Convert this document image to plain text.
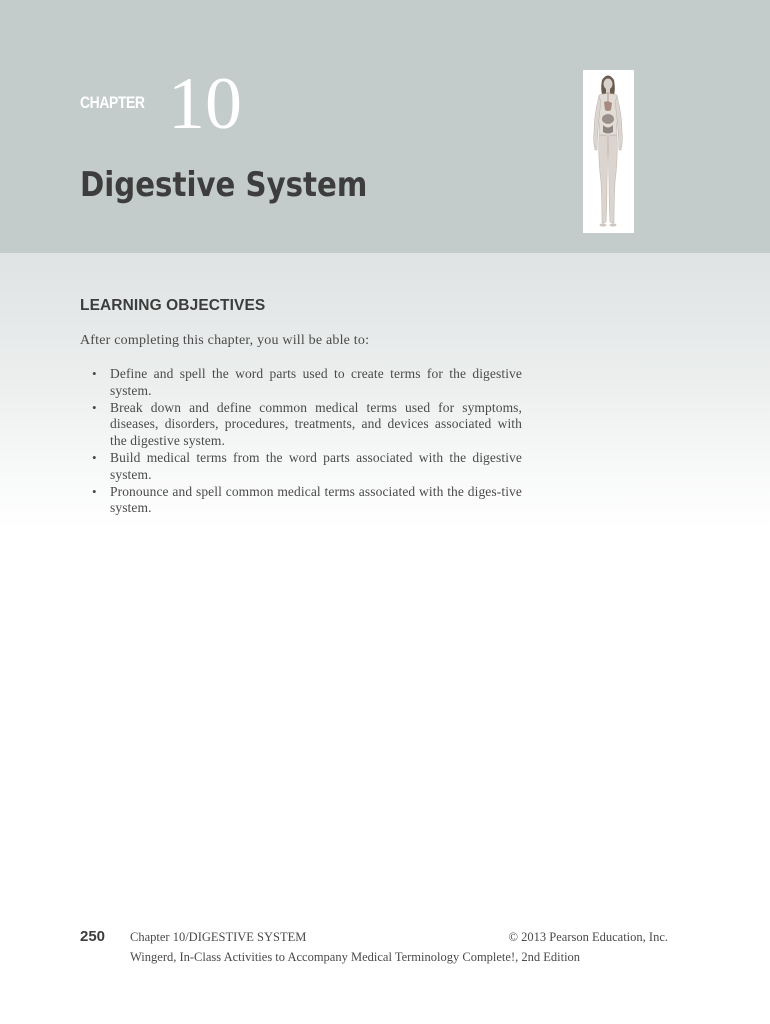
CHAPTER 10
Digestive System
LEARNING OBJECTIVES
After completing this chapter, you will be able to:
• Define and spell the word parts used to create terms for the digestive system.
• Break down and define common medical terms used for symptoms, diseases, disorders, procedures, treatments, and devices associated with the digestive system.
• Build medical terms from the word parts associated with the digestive system.
• Pronounce and spell common medical terms associated with the diges-tive system.
250 Chapter 10/DIGESTIVE SYSTEM	© 2013 Pearson Education, Inc.
Wingerd, In-Class Activities to Accompany Medical Terminology Complete!, 2nd Edition
